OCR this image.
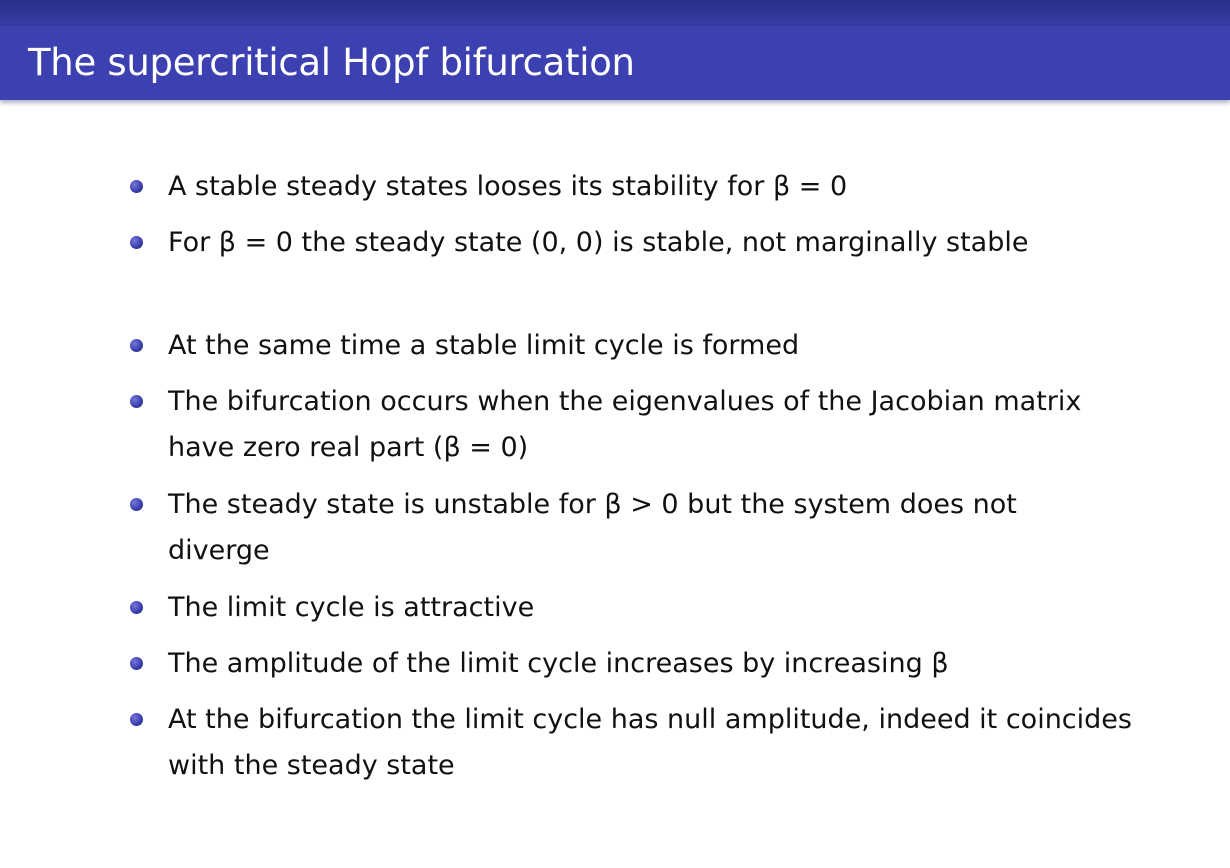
The supercritical Hopf bifurcation
A stable steady states looses its stability for β = 0
For β = 0 the steady state (0, 0) is stable, not marginally stable
At the same time a stable limit cycle is formed
The bifurcation occurs when the eigenvalues of the Jacobian matrix have zero real part (β = 0)
The steady state is unstable for β > 0 but the system does not diverge
The limit cycle is attractive
The amplitude of the limit cycle increases by increasing β
At the bifurcation the limit cycle has null amplitude, indeed it coincides with the steady state
